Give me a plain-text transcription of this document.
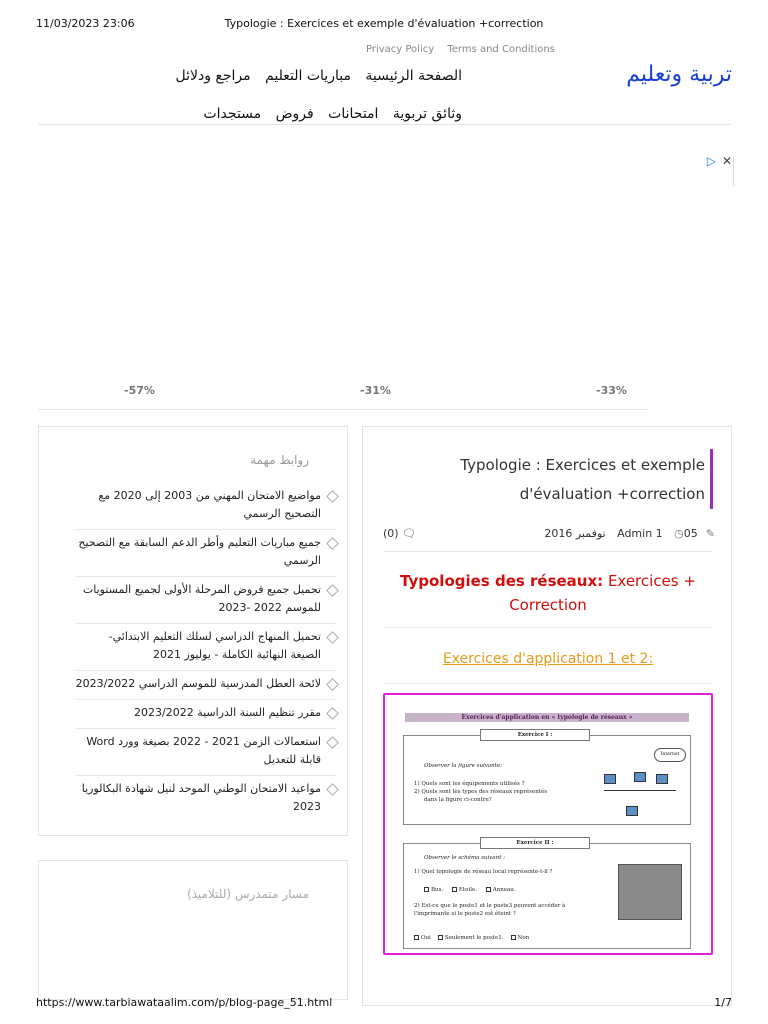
11/03/2023 23:06	Typologie : Exercices et exemple d'évaluation +correction
Privacy Policy Terms and Conditions
تربية وتعليم
الصفحة الرئيسية مباريات التعليم مراجع ودلائل
وثائق تربوية امتحانات فروض مستجدات
▷ ✕
-57%	-31%	-33%
روابط مهمة
مواضيع الامتحان المهني من 2003 إلى 2020 مع التصحيح الرسمي
جميع مباريات التعليم وأطر الدعم السابقة مع التصحيح الرسمي
تحميل جميع فروض المرحلة الأولى لجميع المستويات للموسم 2022 -2023
تحميل المنهاج الدراسي لسلك التعليم الابتدائي- الصيغة النهائية الكاملة - يوليوز 2021
لائحة العطل المدرسية للموسم الدراسي 2023/2022
مقرر تنظيم السنة الدراسية 2023/2022
استعمالات الزمن 2021 - 2022 بصيغة وورد Word قابلة للتعديل
مواعيد الامتحان الوطني الموحد لنيل شهادة البكالوريا 2023
مسار متمدرس (للتلاميذ)
Typologie : Exercices et exemple
d'évaluation +correction
(0) 🗨	✎Admin 1 ◷05 نوفمبر 2016
Typologies des réseaux: Exercices +
Correction
Exercices d'application 1 et 2:
Exercices d'application en « typologie de réseaux »
Exercice I :
Observer la figure suivante:
1) Quels sont les équipements utilisés ?
2) Quels sont les types des réseaux représentés
dans la figure ci-contre?
Internet
Exercice II :
Observer le schéma suivant :
1) Quel topologie de réseau local représente-t-il ?
Bus.	Etoile.	Anneau.
2) Est-ce que le poste1 et le poste3 peuvent accéder à
l'imprimante si le poste2 est éteint ?
Oui	Seulement le poste1.	Non
https://www.tarbiawataalim.com/p/blog-page_51.html	1/7
